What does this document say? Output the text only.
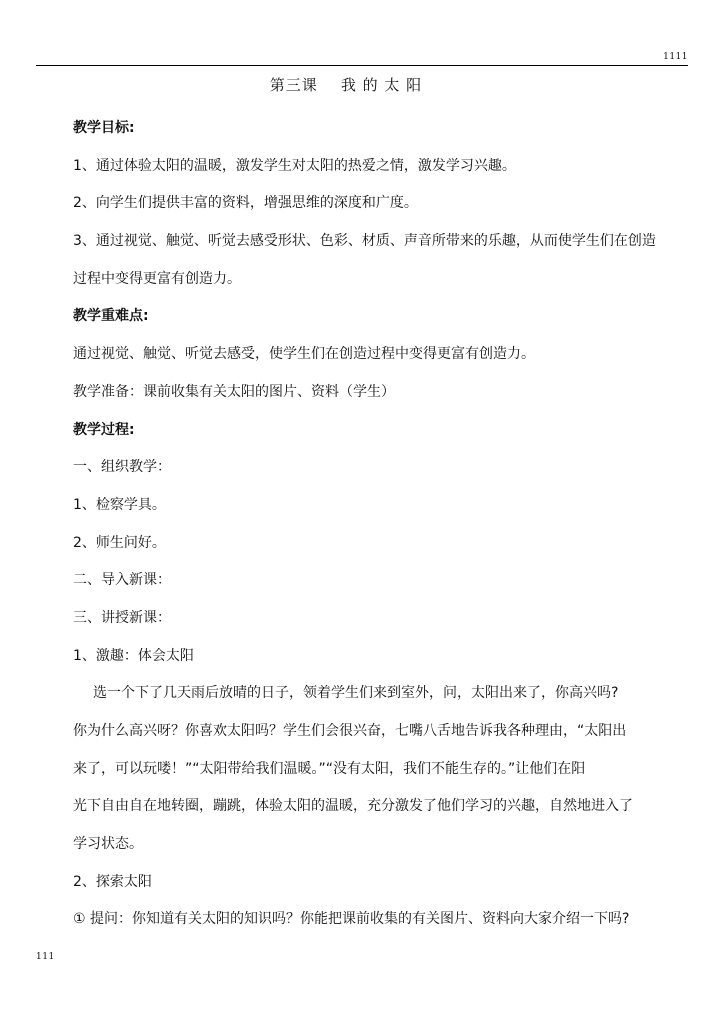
1111
第三课    我 的 太 阳
教学目标:
1、通过体验太阳的温暖，激发学生对太阳的热爱之情，激发学习兴趣。
2、向学生们提供丰富的资料，增强思维的深度和广度。
3、通过视觉、触觉、听觉去感受形状、色彩、材质、声音所带来的乐趣，从而使学生们在创造
过程中变得更富有创造力。
教学重难点:
通过视觉、触觉、听觉去感受，使学生们在创造过程中变得更富有创造力。
教学准备：课前收集有关太阳的图片、资料（学生）
教学过程:
一、组织教学：
1、检察学具。
2、师生问好。
二、导入新课：
三、讲授新课：
1、激趣：体会太阳
选一个下了几天雨后放晴的日子，领着学生们来到室外，问，太阳出来了，你高兴吗?
你为什么高兴呀？你喜欢太阳吗？学生们会很兴奋，七嘴八舌地告诉我各种理由，“太阳出
来了，可以玩喽！”“太阳带给我们温暖。”“没有太阳，我们不能生存的。”让他们在阳
光下自由自在地转圈，蹦跳，体验太阳的温暖，充分激发了他们学习的兴趣，自然地进入了
学习状态。
2、探索太阳
① 提问：你知道有关太阳的知识吗？你能把课前收集的有关图片、资料向大家介绍一下吗?
111
